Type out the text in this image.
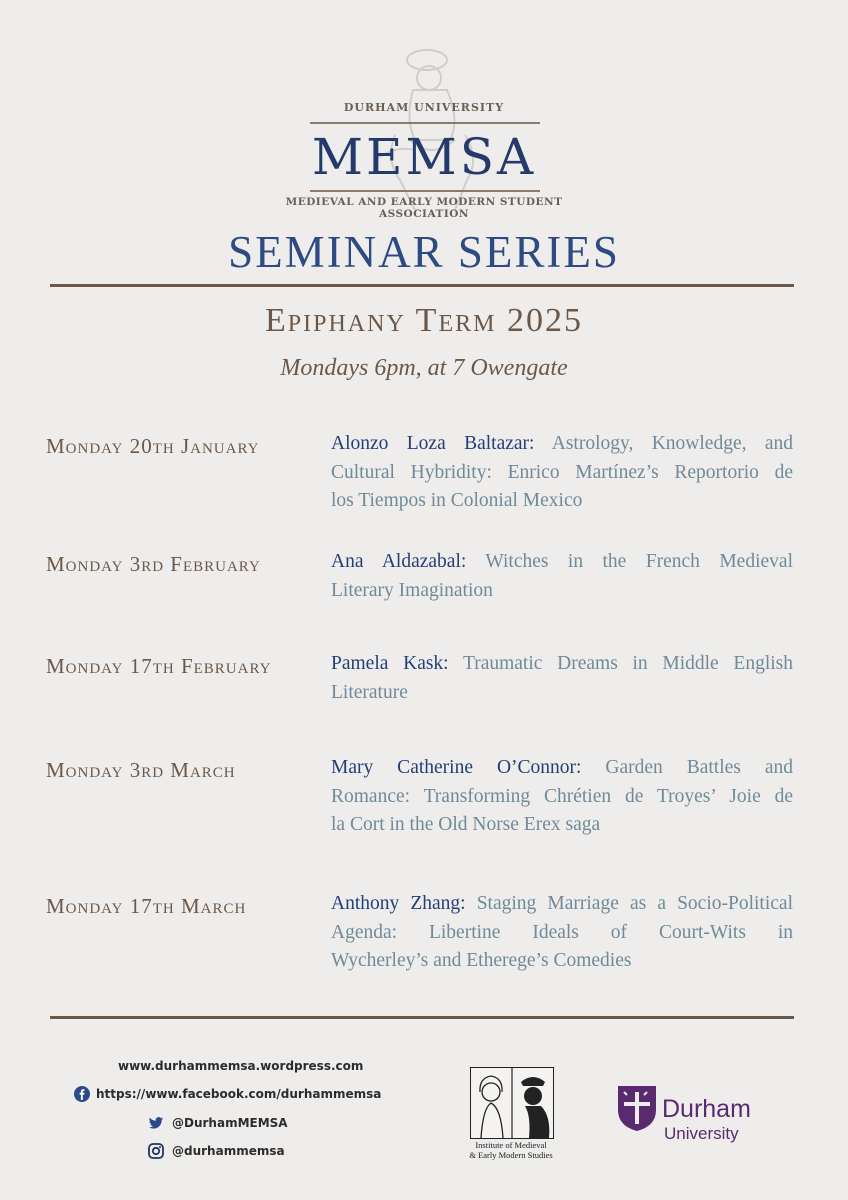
DURHAM UNIVERSITY
MEMSA
MEDIEVAL AND EARLY MODERN STUDENT
ASSOCIATION
SEMINAR SERIES
Epiphany Term 2025
Mondays 6pm, at 7 Owengate
Monday 20th January	Alonzo Loza Baltazar: Astrology, Knowledge, and
Cultural Hybridity: Enrico Martínez’s Reportorio de
los Tiempos in Colonial Mexico
Monday 3rd February	Ana Aldazabal: Witches in the French Medieval
Literary Imagination
Monday 17th February	Pamela Kask: Traumatic Dreams in Middle English
Literature
Monday 3rd March	Mary Catherine O’Connor: Garden Battles and
Romance: Transforming Chrétien de Troyes’ Joie de
la Cort in the Old Norse Erex saga
Monday 17th March	Anthony Zhang: Staging Marriage as a Socio-Political
Agenda: Libertine Ideals of Court-Wits in
Wycherley’s and Etherege’s Comedies
www.durhammemsa.wordpress.com
https://www.facebook.com/durhammemsa
@DurhamMEMSA
@durhammemsa	Institute of Medieval
& Early Modern Studies
Durham
University
